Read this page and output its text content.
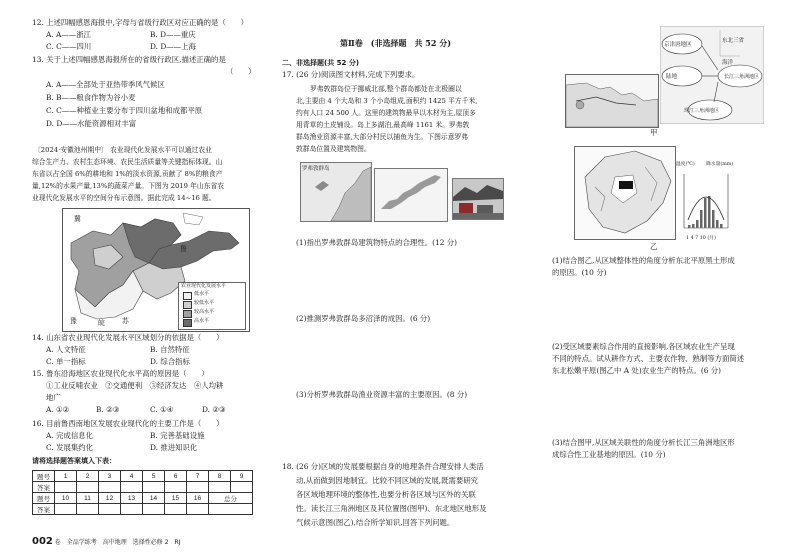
12. 上述四幅感恩海报中,字母与省级行政区对应正确的是（　　）
A. A——浙江	B. D——重庆
C. C——四川	D. D——上海
13. 关于上述四幅感恩海报所在的省级行政区,描述正确的是
（　　）
A. A——全部处于亚热带季风气候区
B. B——粮食作物为谷小麦
C. C——种植业主要分布于四川盆地和成都平原
D. D——水能资源相对丰富
〔2024·安徽池州期中〕 农业现代化发展水平可以通过农业
综合生产力、农村生态环境、农民生活质量等关键指标体现。山
东省以占全国 6%的耕地和 1%的淡水资源,贡献了 8%的粮食产
量,12%的水果产量,13%的蔬菜产量。下图为 2019 年山东省农
业现代化发展水平的空间分布示意图。据此完成 14~16 题。
冀
鲁
豫	苏
皖
农业现代化发展水平
低水平
较低水平
较高水平
高水平
14. 山东省农业现代化发展水平区域划分的依据是（　　）
A. 人文特征	B. 自然特征
C. 单一指标	D. 综合指标
15. 鲁东沿海地区农业现代化水平高的原因是（　　）
①工业反哺农业　②交通便利　③经济发达　④人均耕
地广
A. ①②	B. ②③	C. ①④	D. ②③
16. 目前鲁西南地区发展农业现代化的主要工作是（　　）
A. 完成信息化	B. 完善基础设施
C. 发展集约化	D. 推进知识化
请将选择题答案填入下表：
题号	1	2	3	4	5	6	7	8	9
答案									
题号	10	11	12	13	14	15	16	总分	
答案									
002 卷　全品学练考　高中地理　选择性必修 2　RJ
第Ⅱ卷　(非选择题　共 52 分)
二、非选择题(共 52 分)
17. (26 分)阅读图文材料,完成下列要求。
罗弗敦群岛位于挪威北部,整个群岛都处在北极圈以
北,主要由 4 个大岛和 3 个小岛组成,面积约 1425 平方千米,
约有人口 24 500 人。这里的建筑物最早以木材为主,屋顶多
用青草的土皮铺设。岛上多湖泊,最高峰 1161 米。罗弗敦
群岛渔业资源丰富,大部分村民以捕鱼为生。下图示意罗弗
敦群岛位置及建筑物图。
罗弗敦群岛
(1)指出罗弗敦群岛建筑物特点的合理性。(12 分)
(2)推测罗弗敦群岛多沼泽的成因。(6 分)
(3)分析罗弗敦群岛渔业资源丰富的主要原因。(8 分)
18. (26 分)区域的发展要根据自身的地理条件合理安排人类活
动,从而做到因地制宜。比较不同区域的发展,既需要研究
各区域地理环境的整体性,也要分析各区域与区外的关联
性。读长江三角洲地区及其位置图(图甲)、东北地区地形及
气候示意图(图乙),结合所学知识,回答下列问题。
京津唐地区
陆地
东北三省
海洋
长江三角洲地区
珠江三角洲地区
甲
温度(℃) 降水量(mm)
1 4 7 10 (月)
乙
(1)结合图乙,从区域整体性的角度分析东北平原黑土形成
的原因。(10 分)
(2)受区域要素综合作用的直接影响,各区域农业生产呈现
不同的特点。试从耕作方式、主要农作物、熟制等方面简述
东北松嫩平原(图乙中 A 处)农业生产的特点。(6 分)
(3)结合图甲,从区域关联性的角度分析长江三角洲地区形
成综合性工业基地的原因。(10 分)
